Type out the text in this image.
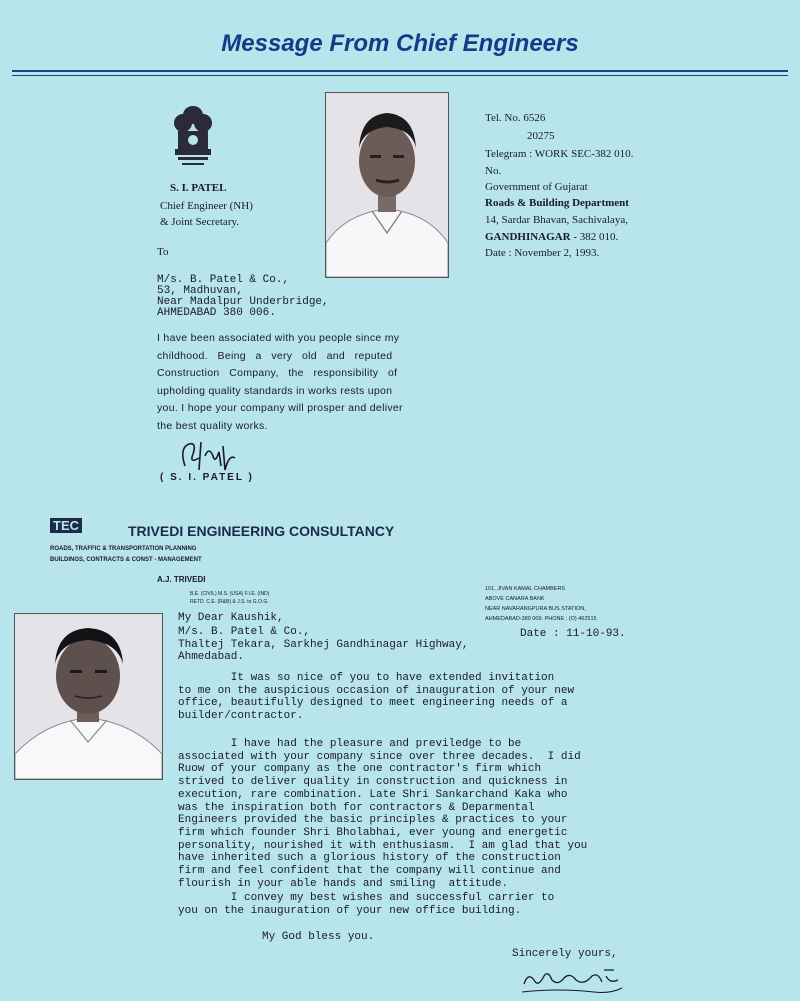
Message From Chief Engineers
S. I. PATEL
Chief Engineer (NH)
& Joint Secretary.
Tel. No. 6526
20275
Telegram : WORK SEC-382 010.
No.
Government of Gujarat
Roads & Building Department
14, Sardar Bhavan, Sachivalaya,
GANDHINAGAR - 382 010.
Date : November 2, 1993.
To
M/s. B. Patel & Co.,
53, Madhuvan,
Near Madalpur Underbridge,
AHMEDABAD 380 006.
I have been associated with you people since my
childhood.   Being   a   very   old   and   reputed
Construction   Company,   the   responsibility   of
upholding quality standards in works rests upon
you. I hope your company will prosper and deliver
the best quality works.
( S. I. PATEL )
TEC	TRIVEDI ENGINEERING CONSULTANCY
ROADS, TRAFFIC & TRANSPORTATION PLANNING
BUILDINGS, CONTRACTS & CONST - MANAGEMENT
A.J. TRIVEDI
B.E. (CIVIL) M.S. (USA) F.I.E. (IND)
RETD. C.E. (R&B) & J.S. to G.O.G.
101, JIVAN KAMAL CHAMBERS
ABOVE CANARA BANK
NEAR NAVARANGPURA BUS STATION,
AHMEDABAD-380 009. PHONE : (O) 462515
My Dear Kaushik,
Date : 11-10-93.
M/s. B. Patel & Co.,
Thaltej Tekara, Sarkhej Gandhinagar Highway,
Ahmedabad.
It was so nice of you to have extended invitation
to me on the auspicious occasion of inauguration of your new
office, beautifully designed to meet engineering needs of a
builder/contractor.
I have had the pleasure and previledge to be
associated with your company since over three decades.  I did
Ruow of your company as the one contractor's firm which
strived to deliver quality in construction and quickness in
execution, rare combination. Late Shri Sankarchand Kaka who
was the inspiration both for contractors & Deparmental
Engineers provided the basic principles & practices to your
firm which founder Shri Bholabhai, ever young and energetic
personality, nourished it with enthusiasm.  I am glad that you
have inherited such a glorious history of the construction
firm and feel confident that the company will continue and
flourish in your able hands and smiling  attitude.
I convey my best wishes and successful carrier to
you on the inauguration of your new office building.
My God bless you.
Sincerely yours,
